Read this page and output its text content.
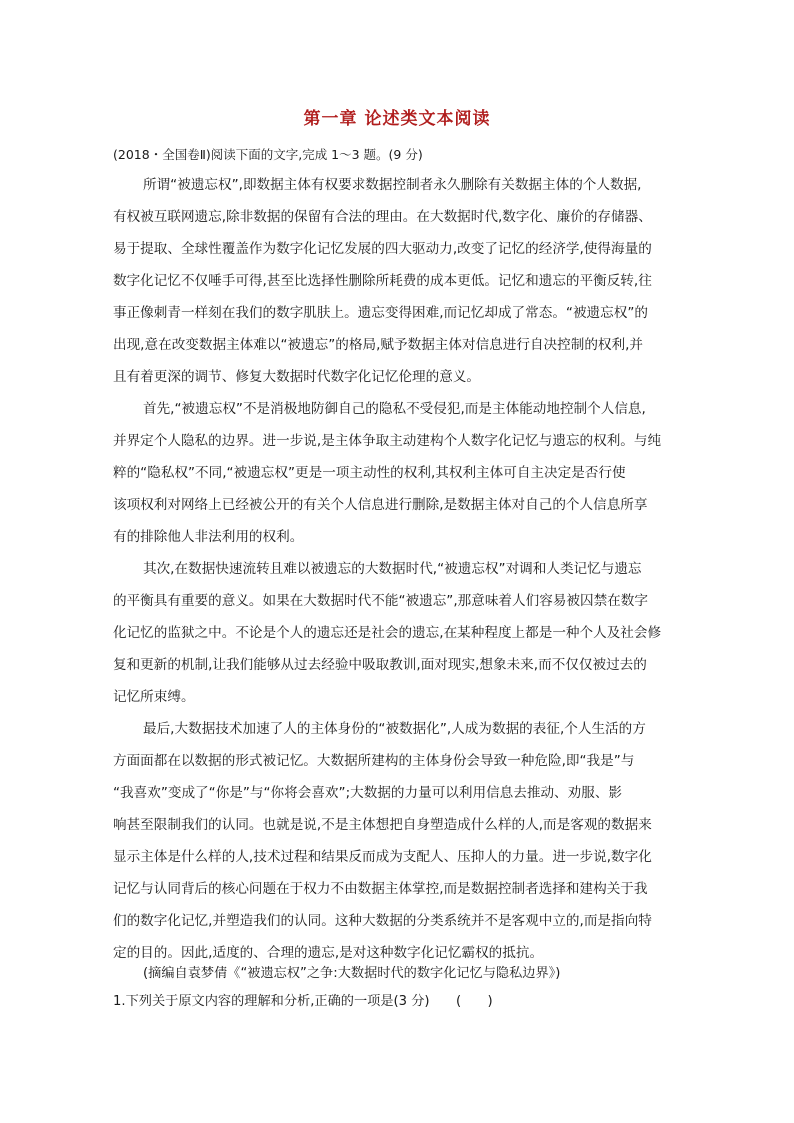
第一章 论述类文本阅读
(2018・全国卷Ⅱ)阅读下面的文字,完成 1～3 题。(9 分)
所谓“被遗忘权”,即数据主体有权要求数据控制者永久删除有关数据主体的个人数据,
有权被互联网遗忘,除非数据的保留有合法的理由。在大数据时代,数字化、廉价的存储器、
易于提取、全球性覆盖作为数字化记忆发展的四大驱动力,改变了记忆的经济学,使得海量的
数字化记忆不仅唾手可得,甚至比选择性删除所耗费的成本更低。记忆和遗忘的平衡反转,往
事正像刺青一样刻在我们的数字肌肤上。遗忘变得困难,而记忆却成了常态。“被遗忘权”的
出现,意在改变数据主体难以“被遗忘”的格局,赋予数据主体对信息进行自决控制的权利,并
且有着更深的调节、修复大数据时代数字化记忆伦理的意义。
首先,“被遗忘权”不是消极地防御自己的隐私不受侵犯,而是主体能动地控制个人信息,
并界定个人隐私的边界。进一步说,是主体争取主动建构个人数字化记忆与遗忘的权利。与纯
粹的“隐私权”不同,“被遗忘权”更是一项主动性的权利,其权利主体可自主决定是否行使
该项权利对网络上已经被公开的有关个人信息进行删除,是数据主体对自己的个人信息所享
有的排除他人非法利用的权利。
其次,在数据快速流转且难以被遗忘的大数据时代,“被遗忘权”对调和人类记忆与遗忘
的平衡具有重要的意义。如果在大数据时代不能“被遗忘”,那意味着人们容易被囚禁在数字
化记忆的监狱之中。不论是个人的遗忘还是社会的遗忘,在某种程度上都是一种个人及社会修
复和更新的机制,让我们能够从过去经验中吸取教训,面对现实,想象未来,而不仅仅被过去的
记忆所束缚。
最后,大数据技术加速了人的主体身份的“被数据化”,人成为数据的表征,个人生活的方
方面面都在以数据的形式被记忆。大数据所建构的主体身份会导致一种危险,即“我是”与
“我喜欢”变成了“你是”与“你将会喜欢”;大数据的力量可以利用信息去推动、劝服、影
响甚至限制我们的认同。也就是说,不是主体想把自身塑造成什么样的人,而是客观的数据来
显示主体是什么样的人,技术过程和结果反而成为支配人、压抑人的力量。进一步说,数字化
记忆与认同背后的核心问题在于权力不由数据主体掌控,而是数据控制者选择和建构关于我
们的数字化记忆,并塑造我们的认同。这种大数据的分类系统并不是客观中立的,而是指向特
定的目的。因此,适度的、合理的遗忘,是对这种数字化记忆霸权的抵抗。
(摘编自袁梦倩《“被遗忘权”之争:大数据时代的数字化记忆与隐私边界》)
1.下列关于原文内容的理解和分析,正确的一项是(3 分)　　(　　)
